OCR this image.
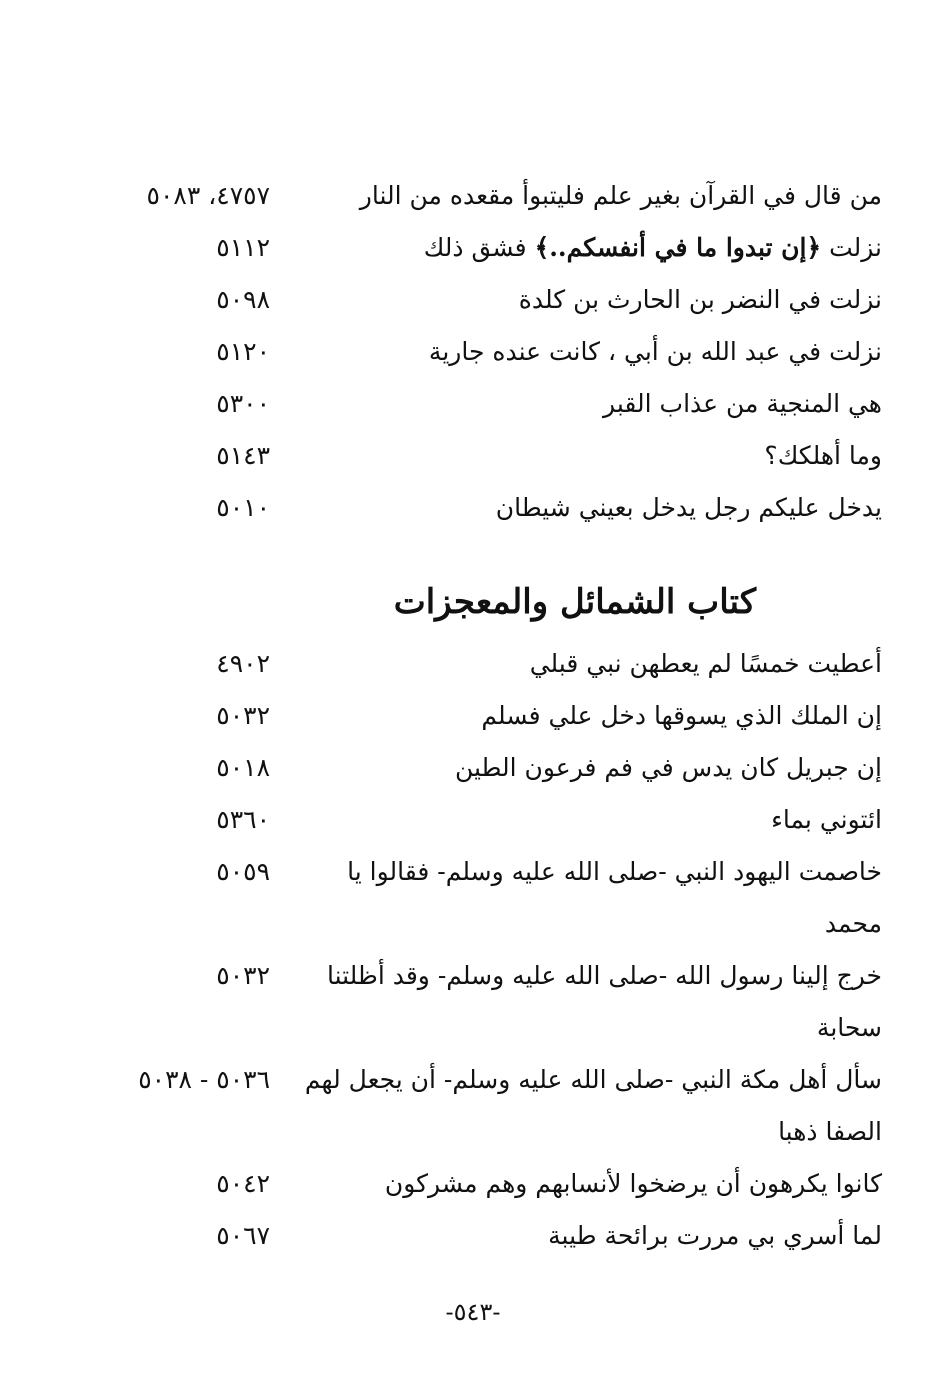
من قال في القرآن بغير علم فليتبوأ مقعده من النار
٤٧٥٧، ٥٠٨٣
نزلت ﴿إن تبدوا ما في أنفسكم..﴾ فشق ذلك
٥١١٢
نزلت في النضر بن الحارث بن كلدة
٥٠٩٨
نزلت في عبد الله بن أبي ، كانت عنده جارية
٥١٢٠
هي المنجية من عذاب القبر
٥٣٠٠
وما أهلكك؟
٥١٤٣
يدخل عليكم رجل يدخل بعيني شيطان
٥٠١٠
كتاب الشمائل والمعجزات
أعطيت خمسًا لم يعطهن نبي قبلي
٤٩٠٢
إن الملك الذي يسوقها دخل علي فسلم
٥٠٣٢
إن جبريل كان يدس في فم فرعون الطين
٥٠١٨
ائتوني بماء
٥٣٦٠
خاصمت اليهود النبي -صلى الله عليه وسلم- فقالوا يا
٥٠٥٩
محمد
خرج إلينا رسول الله -صلى الله عليه وسلم- وقد أظلتنا
٥٠٣٢
سحابة
سأل أهل مكة النبي -صلى الله عليه وسلم- أن يجعل لهم
٥٠٣٦ - ٥٠٣٨
الصفا ذهبا
كانوا يكرهون أن يرضخوا لأنسابهم وهم مشركون
٥٠٤٢
لما أسري بي مررت برائحة طيبة
٥٠٦٧
-٥٤٣-
